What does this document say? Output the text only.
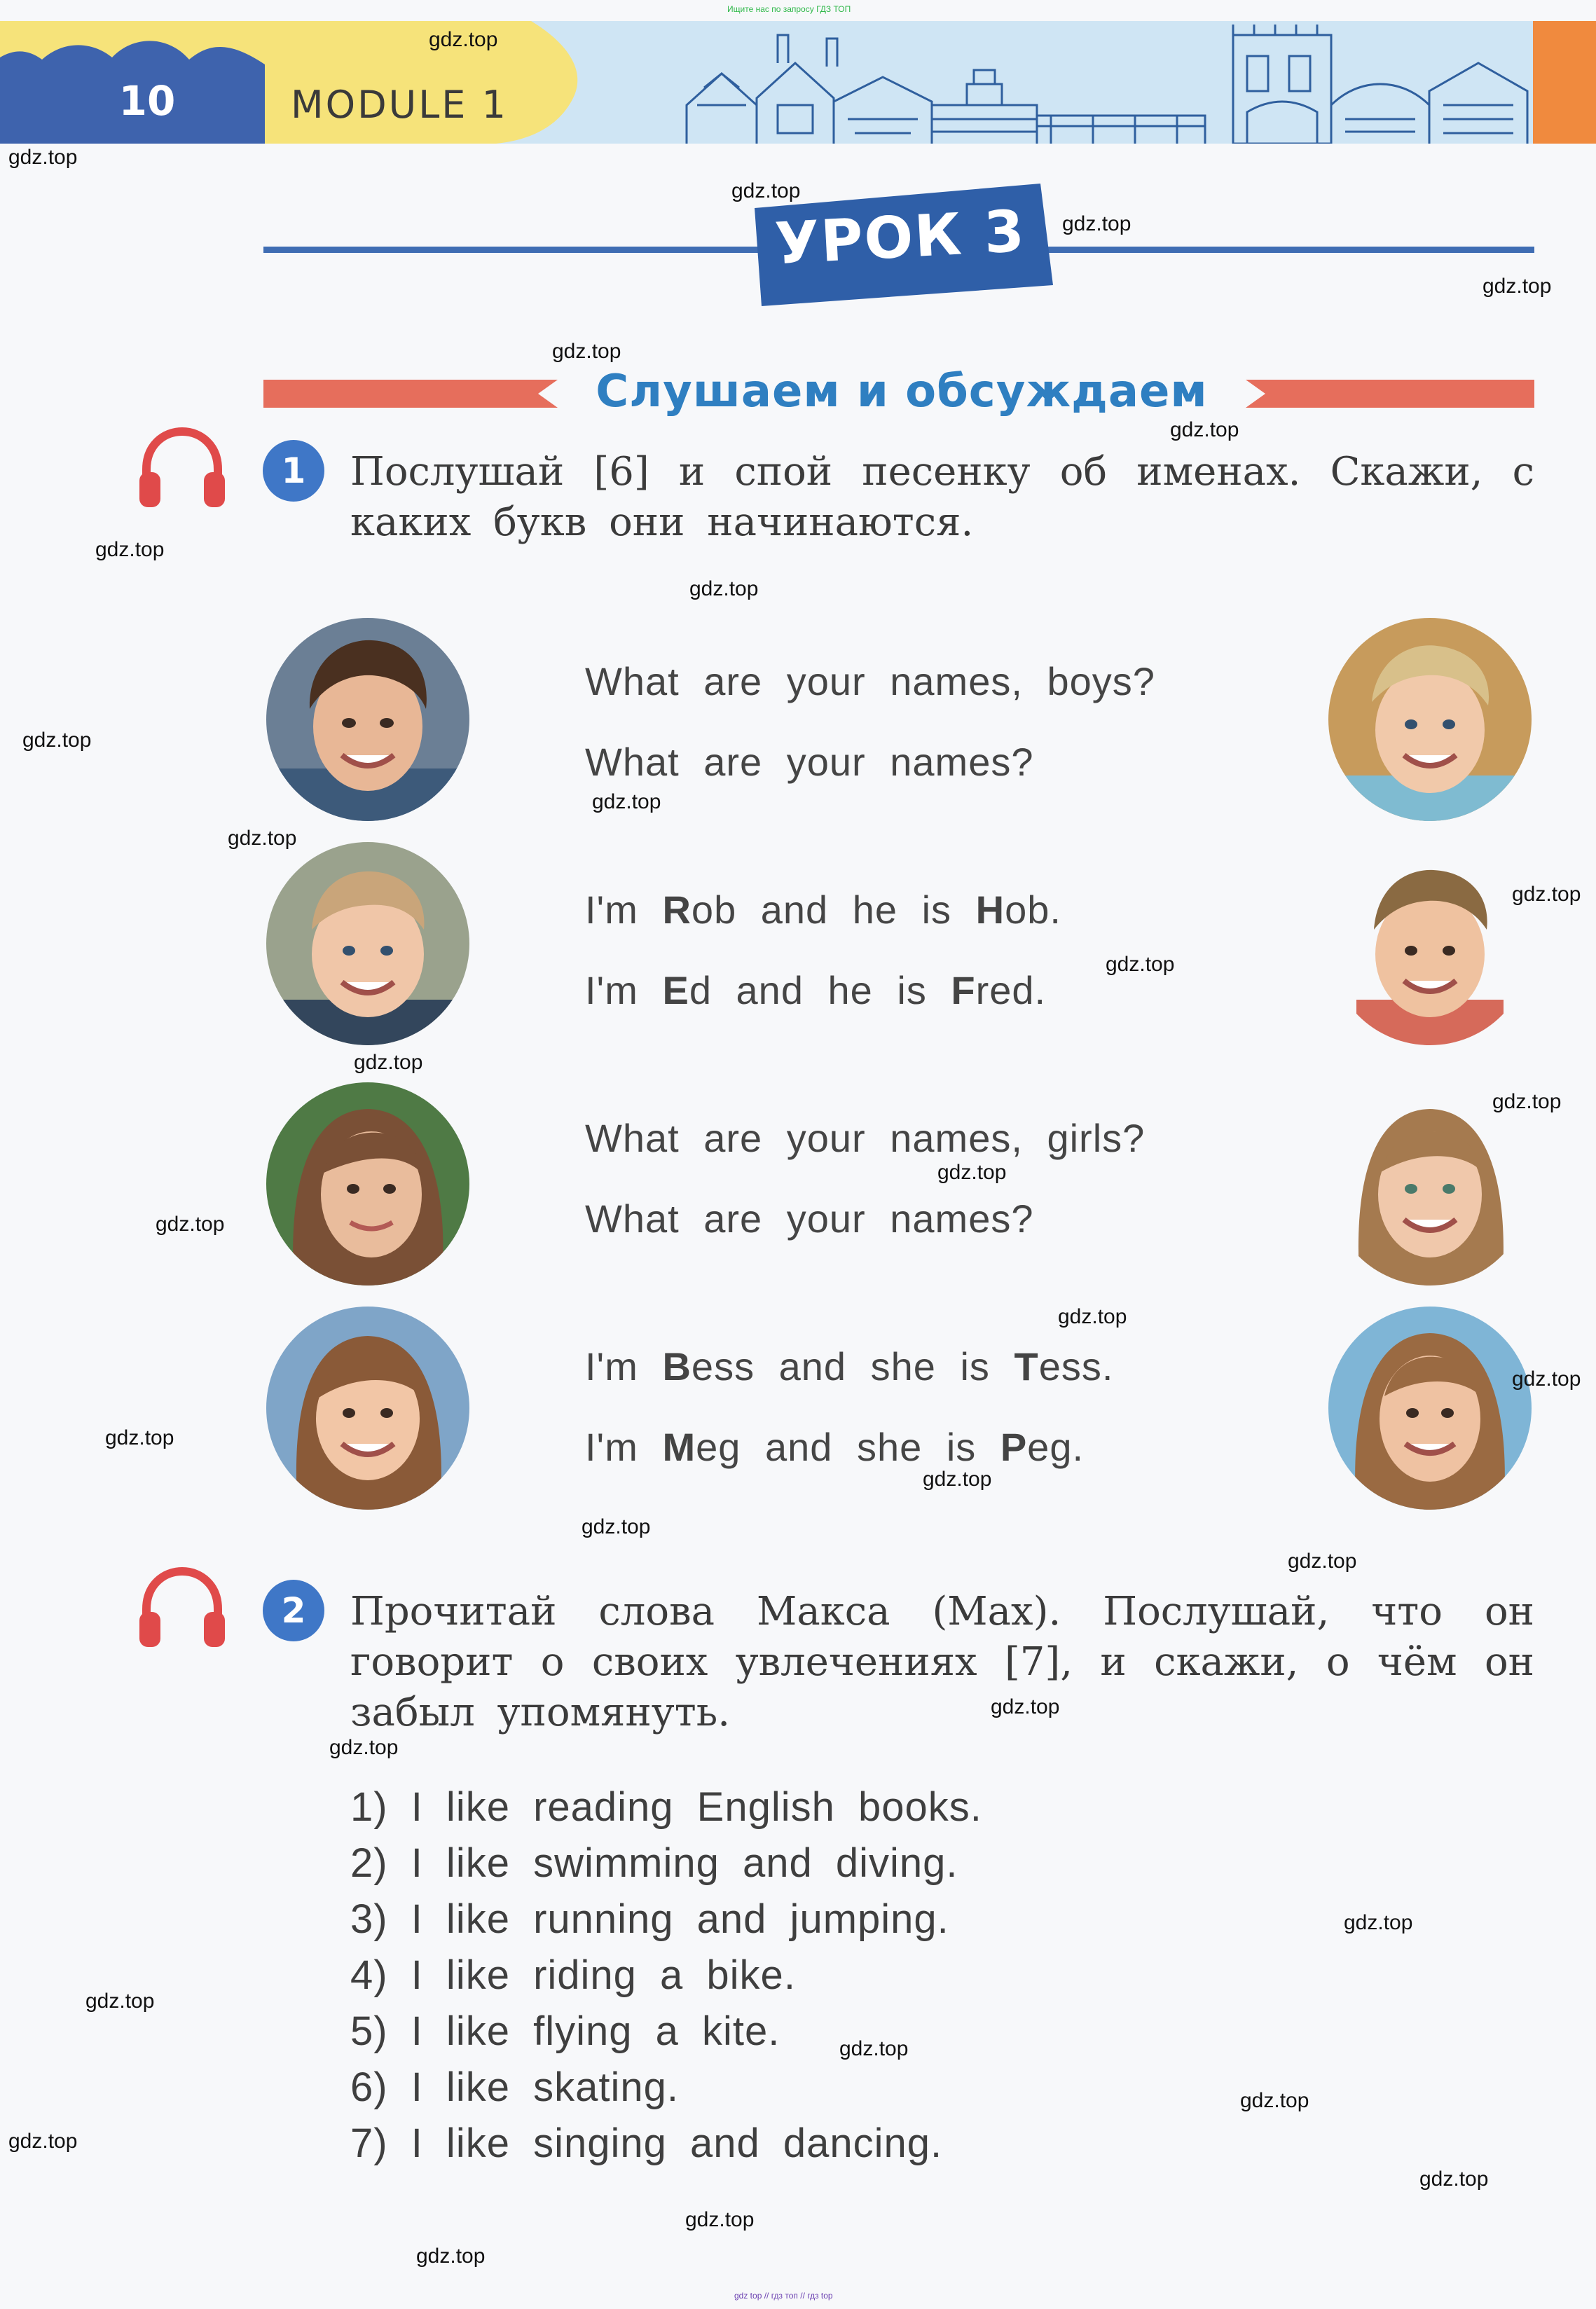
Ищите нас по запросу ГДЗ ТОП
10	MODULE 1
УРОК 3
Слушаем и обсуждаем
1	Послушай [6] и спой песенку об именах. Скажи, с каких букв они начинаются.
What are your names, boys?
What are your names?
I'm Rob and he is Hob.
I'm Ed and he is Fred.
What are your names, girls?
What are your names?
I'm Bess and she is Tess.
I'm Meg and she is Peg.
2	Прочитай слова Макса (Max). Послушай, что он говорит о своих увлечениях [7], и скажи, о чём он забыл упомянуть.
1) I like reading English books.
2) I like swimming and diving.
3) I like running and jumping.
4) I like riding a bike.
5) I like flying a kite.
6) I like skating.
7) I like singing and dancing.
gdz.top
gdz.top
gdz.top
gdz.top
gdz.top
gdz.top
gdz.top
gdz.top
gdz.top
gdz.top
gdz.top
gdz.top
gdz.top
gdz.top
gdz.top
gdz.top
gdz.top
gdz.top
gdz.top
gdz.top
gdz.top
gdz.top
gdz.top
gdz.top
gdz.top
gdz.top
gdz.top
gdz.top
gdz.top
gdz.top
gdz.top
gdz.top
gdz.top
gdz.top
gdz top // гдз топ // гдз top
